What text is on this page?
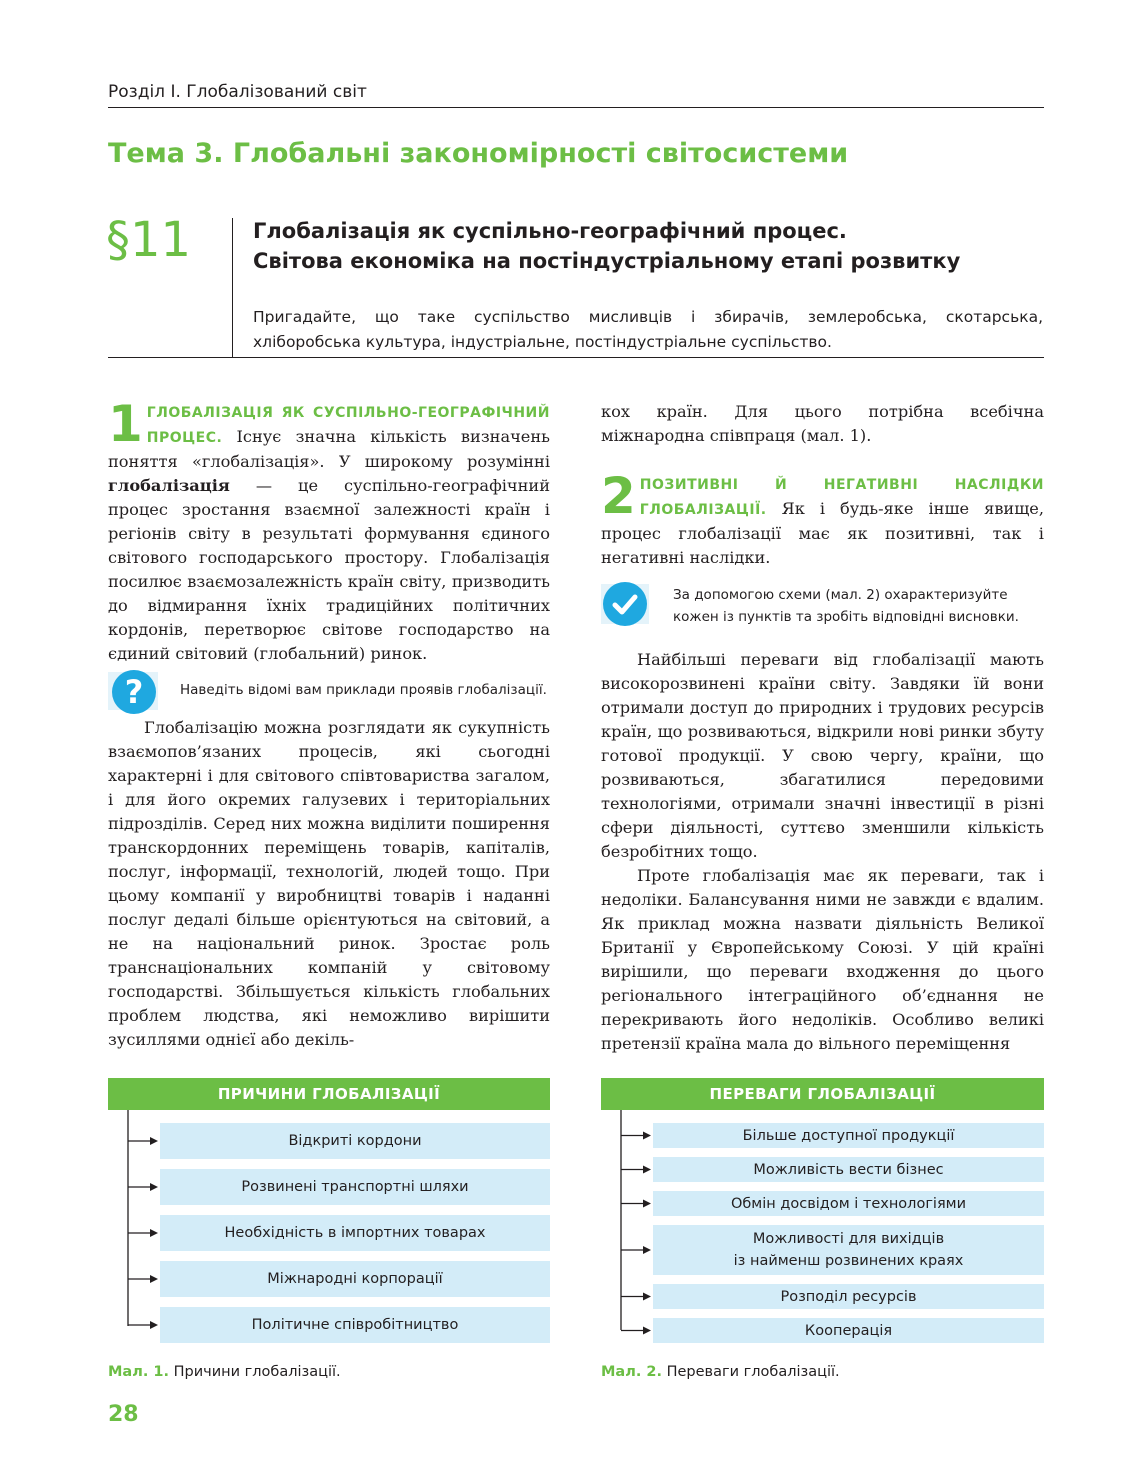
Розділ І. Глобалізований світ
Тема 3. Глобальні закономірності світосистеми
§11	Глобалізація як суспільно-географічний процес.
Світова економіка на постіндустріальному етапі розвитку
Пригадайте, що таке суспільство мисливців і збирачів, землеробська, скотарська, хліборобська культура, індустріальне, постіндустріальне суспільство.
1 ГЛОБАЛІЗАЦІЯ ЯК СУСПІЛЬНО-ГЕОГРАФІЧНИЙ ПРОЦЕС. Існує значна кількість визначень поняття «глобалізація». У широкому розумінні глобалізація — це суспільно-географічний процес зростання взаємної залежності країн і регіонів світу в результаті формування єдиного світового господарського простору. Глобалізація посилює взаємозалежність країн світу, призводить до відмирання їхніх традиційних політичних кордонів, перетворює світове господарство на єдиний світовий (глобальний) ринок.
?	Наведіть відомі вам приклади проявів глобалізації.

Глобалізацію можна розглядати як сукупність взаємопов’язаних процесів, які сьогодні характерні і для світового співтовариства загалом, і для його окремих галузевих і територіальних підрозділів. Серед них можна виділити поширення транскордонних переміщень товарів, капіталів, послуг, інформації, технологій, людей тощо. При цьому компанії у виробництві товарів і наданні послуг дедалі більше орієнтуються на світовий, а не на національний ринок. Зростає роль транснаціональних компаній у світовому господарстві. Збільшується кількість глобальних проблем людства, які неможливо вирішити зусиллями однієї або декіль-

кох країн. Для цього потрібна всебічна міжнародна співпраця (мал. 1).

2 ПОЗИТИВНІ Й НЕГАТИВНІ НАСЛІДКИ ГЛОБАЛІЗАЦІЇ. Як і будь-яке інше явище, процес глобалізації має як позитивні, так і негативні наслідки.
За допомогою схеми (мал. 2) охарактеризуйте кожен із пунктів та зробіть відповідні висновки.

Найбільші переваги від глобалізації мають високорозвинені країни світу. Завдяки їй вони отримали доступ до природних і трудових ресурсів країн, що розвиваються, відкрили нові ринки збуту готової продукції. У свою чергу, країни, що розвиваються, збагатилися передовими технологіями, отримали значні інвестиції в різні сфери діяльності, суттєво зменшили кількість безробітних тощо.

Проте глобалізація має як переваги, так і недоліки. Балансування ними не завжди є вдалим. Як приклад можна назвати діяльність Великої Британії у Європейському Союзі. У цій країні вирішили, що переваги входження до цього регіонального інтеграційного об’єднання не перекривають його недоліків. Особливо великі претензії країна мала до вільного переміщення

ПРИЧИНИ ГЛОБАЛІЗАЦІЇ
Відкриті кордони
Розвинені транспортні шляхи
Необхідність в імпортних товарах
Міжнародні корпорації
Політичне співробітництво
ПЕРЕВАГИ ГЛОБАЛІЗАЦІЇ
Більше доступної продукції
Можливість вести бізнес
Обмін досвідом і технологіями
Можливості для вихідців
із найменш розвинених краях
Розподіл ресурсів
Кооперація
Мал. 1. Причини глобалізації.	Мал. 2. Переваги глобалізації.
28
